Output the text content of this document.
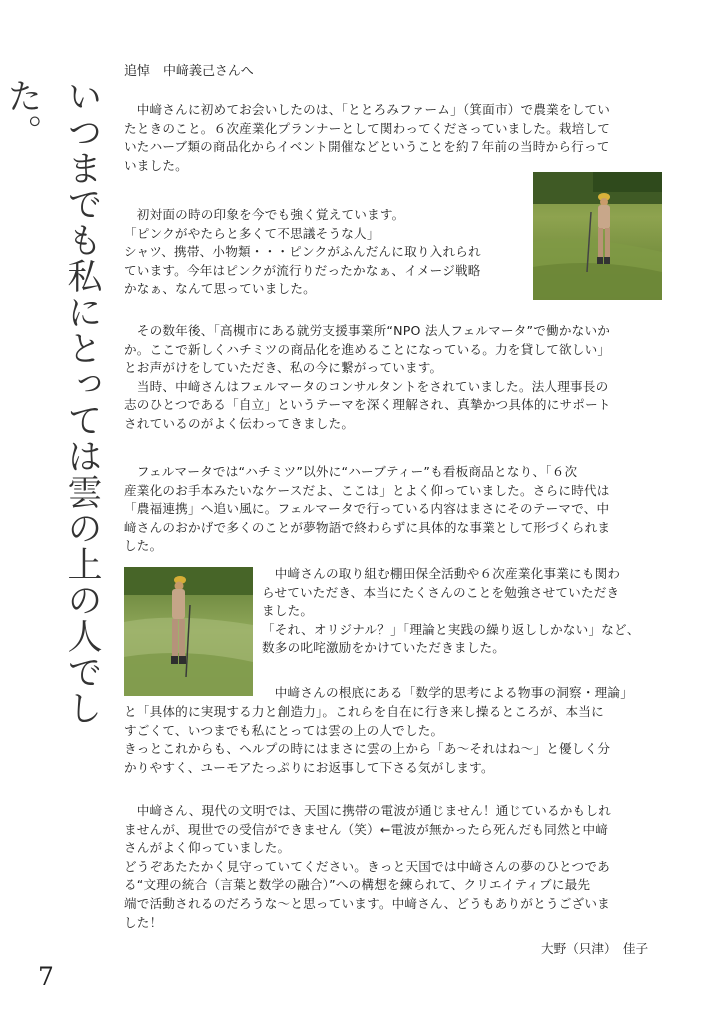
いつまでも私にとっては雲の上の人でした。
追悼　中﨑義己さんへ
　中﨑さんに初めてお会いしたのは、「ととろみファーム」（箕面市）で農業をしてい
たときのこと。６次産業化プランナーとして関わってくださっていました。栽培して
いたハーブ類の商品化からイベント開催などということを約７年前の当時から行って
いました。
　初対面の時の印象を今でも強く覚えています。
「ピンクがやたらと多くて不思議そうな人」
シャツ、携帯、小物類・・・ピンクがふんだんに取り入れられ
ています。今年はピンクが流行りだったかなぁ、イメージ戦略
かなぁ、なんて思っていました。
　その数年後、「高槻市にある就労支援事業所“NPO 法人フェルマータ”で働かないか
か。ここで新しくハチミツの商品化を進めることになっている。力を貸して欲しい」
とお声がけをしていただき、私の今に繋がっています。
　当時、中﨑さんはフェルマータのコンサルタントをされていました。法人理事長の
志のひとつである「自立」というテーマを深く理解され、真摯かつ具体的にサポート
されているのがよく伝わってきました。
　フェルマータでは“ハチミツ”以外に“ハーブティー”も看板商品となり、「６次
産業化のお手本みたいなケースだよ、ここは」とよく仰っていました。さらに時代は
「農福連携」へ追い風に。フェルマータで行っている内容はまさにそのテーマで、中
﨑さんのおかげで多くのことが夢物語で終わらずに具体的な事業として形づくられま
した。
　中﨑さんの取り組む棚田保全活動や６次産業化事業にも関わ
らせていただき、本当にたくさんのことを勉強させていただき
ました。
「それ、オリジナル？」「理論と実践の繰り返ししかない」など、
数多の叱咤激励をかけていただきました。
　中﨑さんの根底にある「数学的思考による物事の洞察・理論」
と「具体的に実現する力と創造力」。これらを自在に行き来し操るところが、本当に
すごくて、いつまでも私にとっては雲の上の人でした。
きっとこれからも、ヘルプの時にはまさに雲の上から「あ～それはね～」と優しく分
かりやすく、ユーモアたっぷりにお返事して下さる気がします。
　中﨑さん、現代の文明では、天国に携帯の電波が通じません！通じているかもしれ
ませんが、現世での受信ができません（笑）←電波が無かったら死んだも同然と中﨑
さんがよく仰っていました。
どうぞあたたかく見守っていてください。きっと天国では中﨑さんの夢のひとつであ
る“文理の統合（言葉と数学の融合）”への構想を練られて、クリエイティブに最先
端で活動されるのだろうな～と思っています。中﨑さん、どうもありがとうございま
した！
大野（只津）　佳子
7
